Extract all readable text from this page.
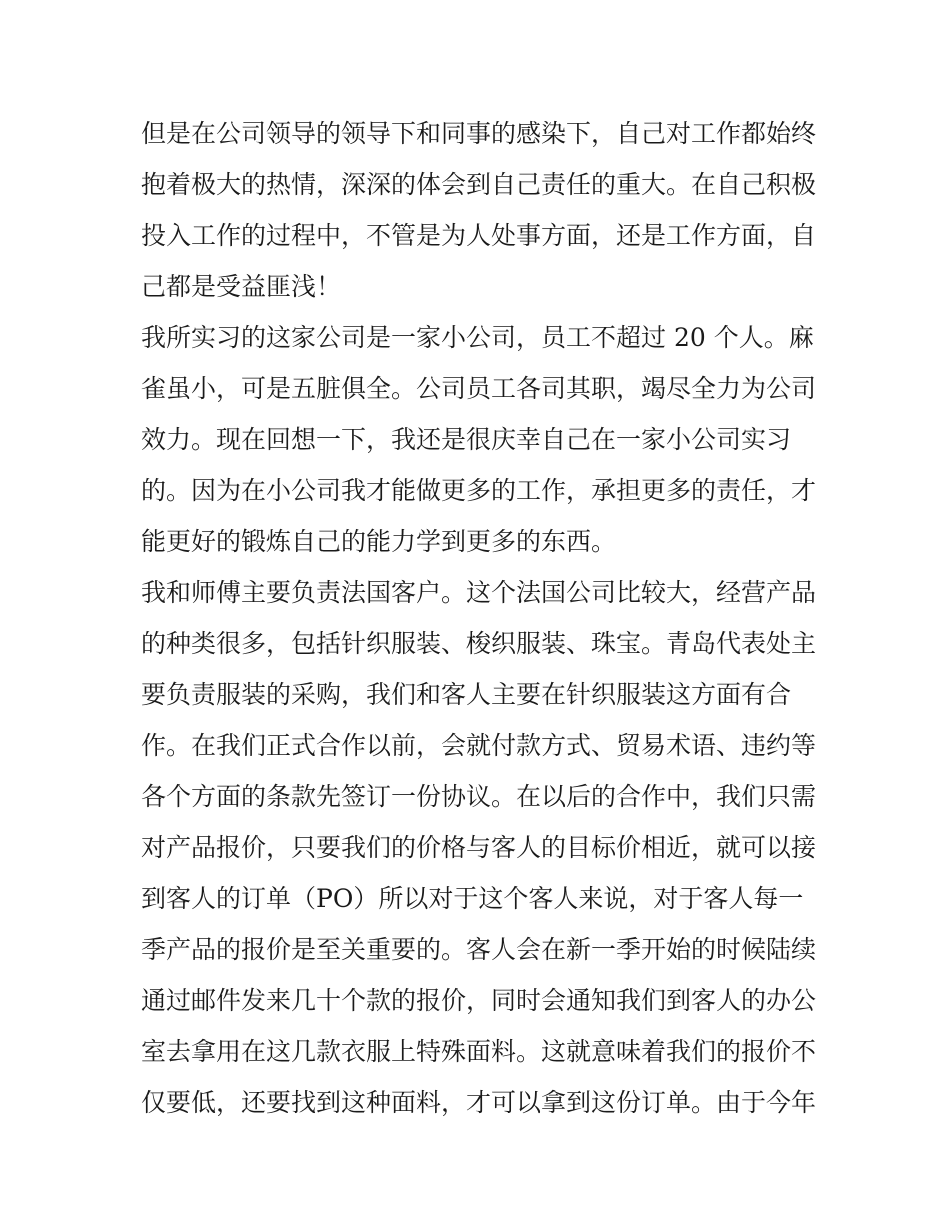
但是在公司领导的领导下和同事的感染下，自己对工作都始终
抱着极大的热情，深深的体会到自己责任的重大。在自己积极
投入工作的过程中，不管是为人处事方面，还是工作方面，自
己都是受益匪浅！
我所实习的这家公司是一家小公司，员工不超过 20 个人。麻
雀虽小，可是五脏俱全。公司员工各司其职，竭尽全力为公司
效力。现在回想一下，我还是很庆幸自己在一家小公司实习
的。因为在小公司我才能做更多的工作，承担更多的责任，才
能更好的锻炼自己的能力学到更多的东西。
我和师傅主要负责法国客户。这个法国公司比较大，经营产品
的种类很多，包括针织服装、梭织服装、珠宝。青岛代表处主
要负责服装的采购，我们和客人主要在针织服装这方面有合
作。在我们正式合作以前，会就付款方式、贸易术语、违约等
各个方面的条款先签订一份协议。在以后的合作中，我们只需
对产品报价，只要我们的价格与客人的目标价相近，就可以接
到客人的订单（PO）所以对于这个客人来说，对于客人每一
季产品的报价是至关重要的。客人会在新一季开始的时候陆续
通过邮件发来几十个款的报价，同时会通知我们到客人的办公
室去拿用在这几款衣服上特殊面料。这就意味着我们的报价不
仅要低，还要找到这种面料，才可以拿到这份订单。由于今年
